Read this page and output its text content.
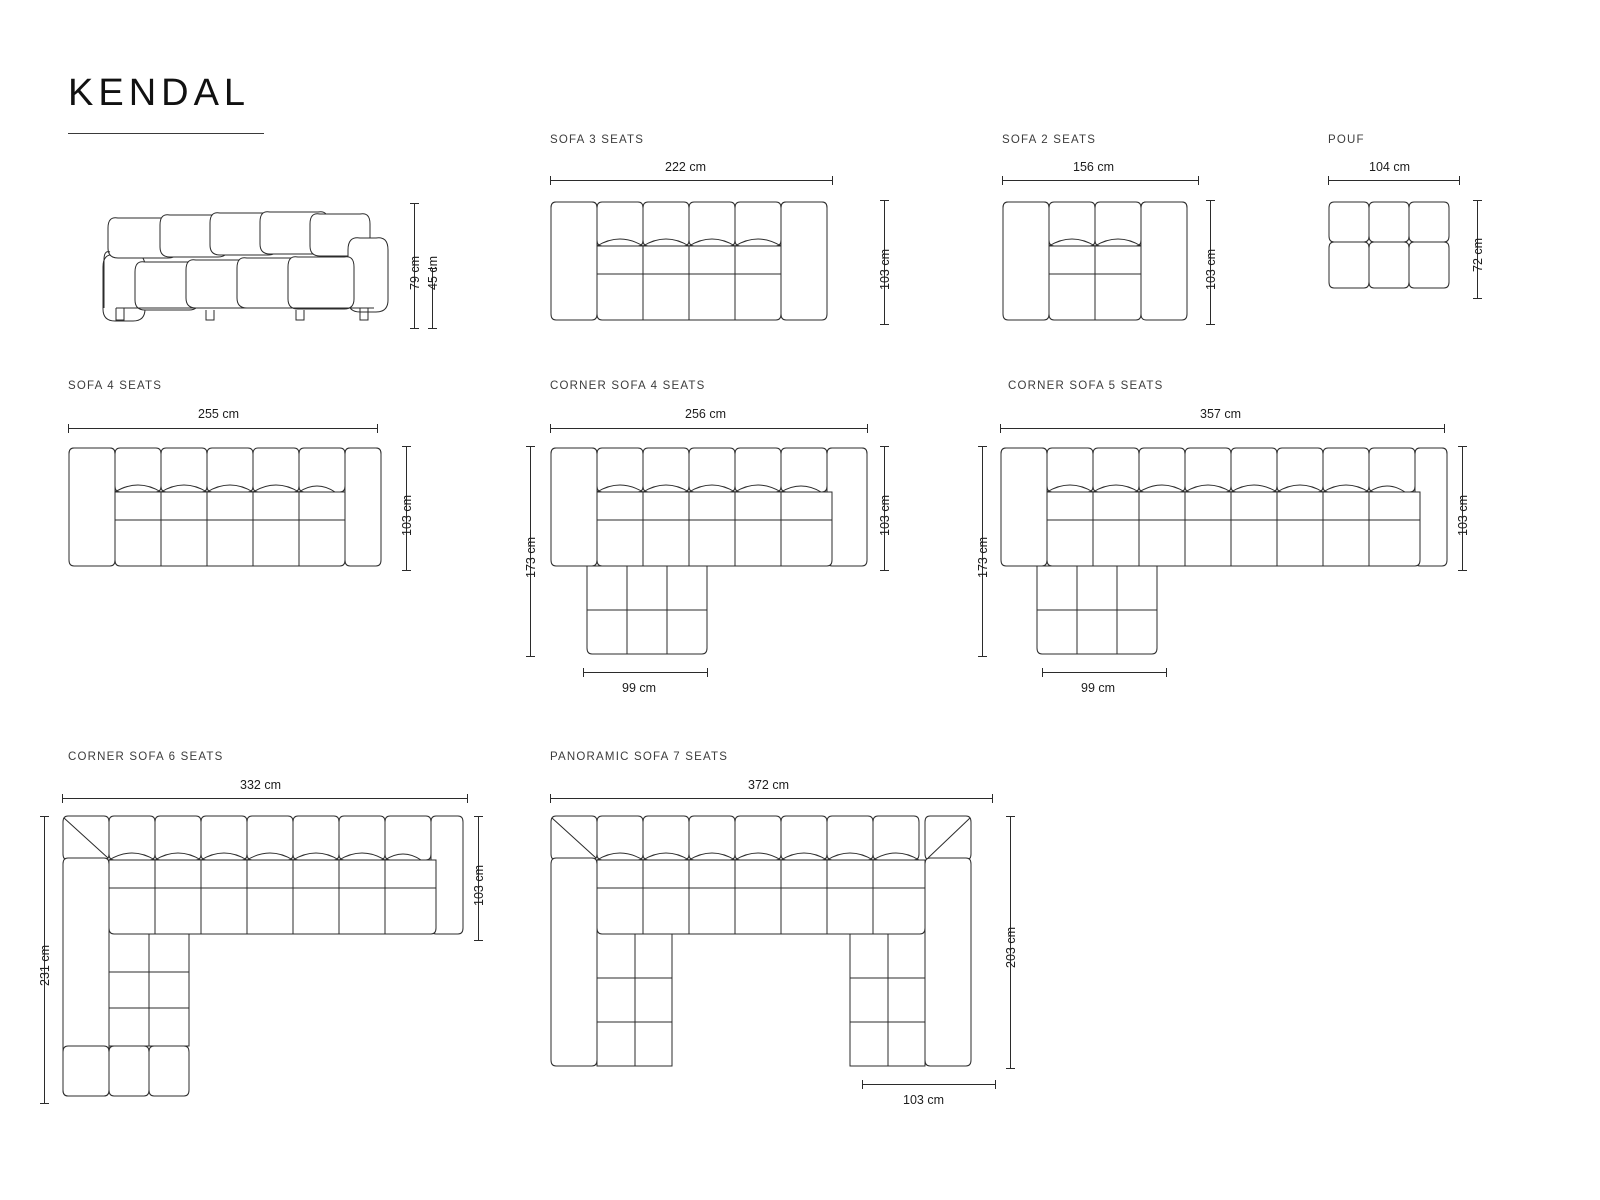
KENDAL
79 cm 45 cm
SOFA 3 SEATS
222 cm
103 cm
SOFA 2 SEATS
156 cm
103 cm
POUF
104 cm
72 cm
SOFA 4 SEATS
255 cm
103 cm
CORNER SOFA 4 SEATS
256 cm
103 cm
173 cm
99 cm
CORNER SOFA 5 SEATS
357 cm
103 cm
173 cm
99 cm
CORNER SOFA 6 SEATS
332 cm
103 cm
231 cm
PANORAMIC SOFA 7 SEATS
372 cm
203 cm
103 cm
